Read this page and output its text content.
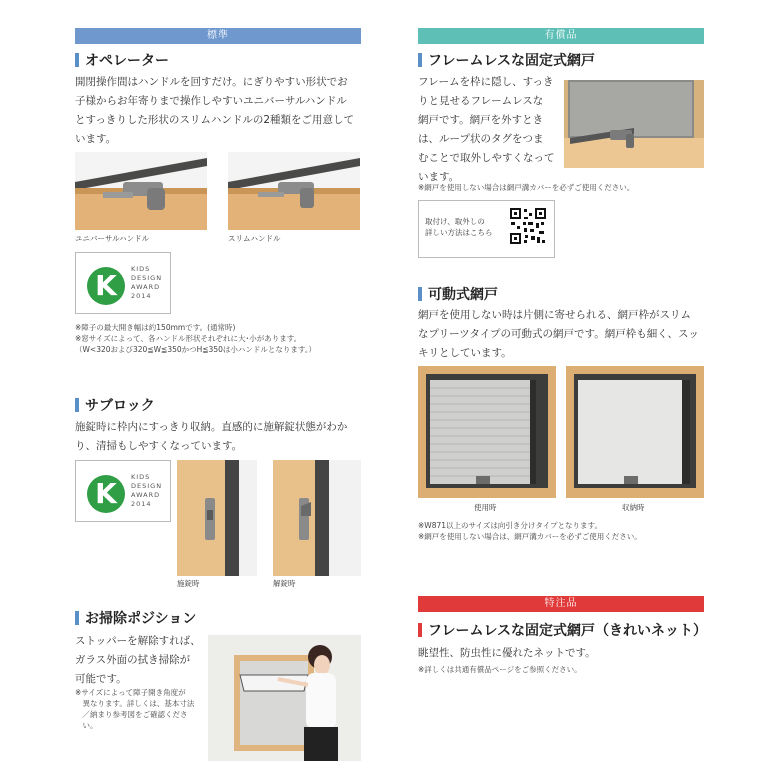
標準
オペレーター
開閉操作間はハンドルを回すだけ。にぎりやすい形状でお
子様からお年寄りまで操作しやすいユニバーサルハンドル
とすっきりした形状のスリムハンドルの2種類をご用意して
います。
ユニバーサルハンドル	スリムハンドル
K	KIDS
DESIGN
AWARD
2014
※障子の最大開き幅は約150mmです。(通常時)
※窓サイズによって、各ハンドル形状それぞれに大･小があります。
（W<320および320≦W≦350かつH≦350は小ハンドルとなります。）
サブロック
施錠時に枠内にすっきり収納。直感的に施解錠状態がわか
り、清掃もしやすくなっています。
K	KIDS
DESIGN
AWARD
2014
施錠時	解錠時
お掃除ポジション
ストッパーを解除すれば、
ガラス外面の拭き掃除が
可能です。
※サイズによって障子開き角度が
　異なります。詳しくは、基本寸法
　／納まり参考図をご確認くださ
　い。
有償品
フレームレスな固定式網戸
フレームを枠に隠し、すっき
りと見せるフレームレスな
網戸です。網戸を外すとき
は、ループ状のタグをつま
むことで取外しやすくなって
います。
※網戸を使用しない場合は網戸溝カバーを必ずご使用ください。
取付け、取外しの
詳しい方法はこちら
可動式網戸
網戸を使用しない時は片側に寄せられる、網戸枠がスリム
なプリーツタイプの可動式の網戸です。網戸枠も細く、スッ
キリとしています。
使用時	収納時
※W871以上のサイズは向引き分けタイプとなります。
※網戸を使用しない場合は、網戸溝カバーを必ずご使用ください。
特注品
フレームレスな固定式網戸（きれいネット）
眺望性、防虫性に優れたネットです。
※詳しくは共通有償品ページをご参照ください。
